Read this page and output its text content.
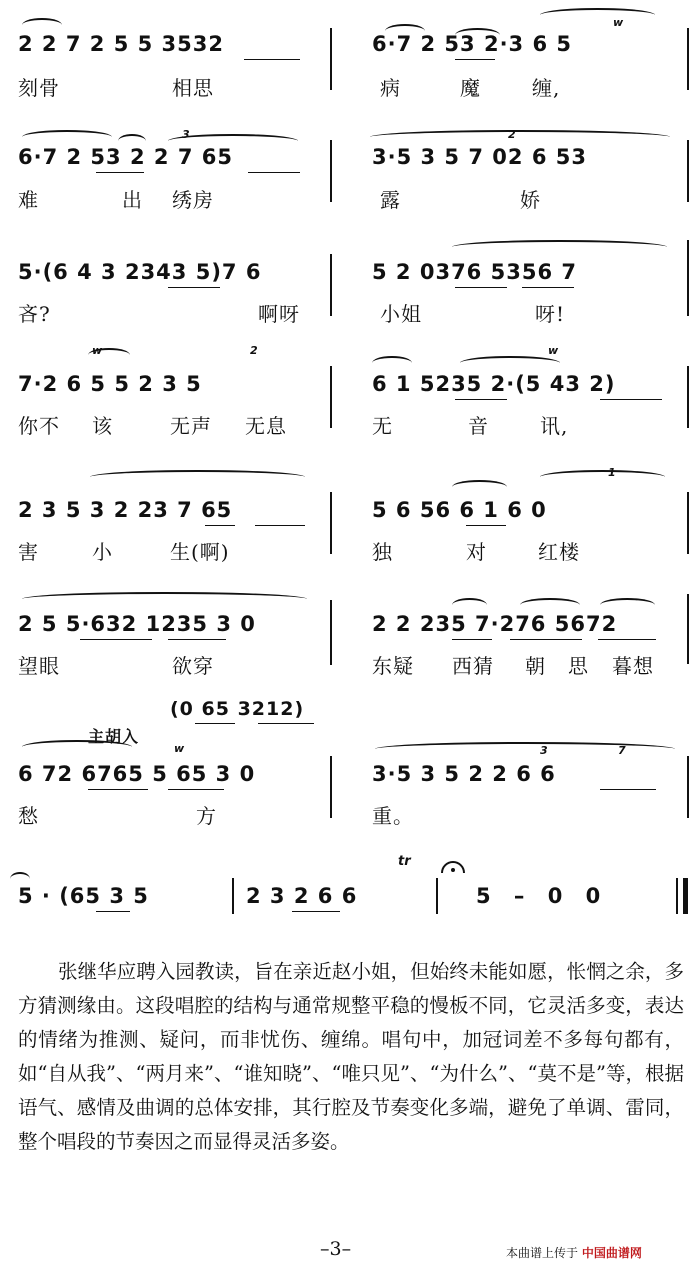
w
2 2 7 2 5 5 3532	6·7 2 53 2·3 6 5
刻骨	相思	病	魔	缠,
3	2
6·7 2 53 2 2 7 65	3·5 3 5 7 02 6 53
难	出 绣房	露	娇
5·(6 4 3 2343 5)7 6	5 2 0376 5356 7
吝?	啊呀	小姐	呀!
w	2	w
7·2 6 5 5 2 3 5	6 1 5235 2·(5 43 2)
你不 该	无声 无息	无	音	讯,
1
2 3 5 3 2 23 7 65	5 6 56 6 1 6 0
害	小	生(啊)	独	对	红楼
2 5 5·632 1235 3 0	2 2 235 7·276 5672
望眼	欲穿	东疑 西猜 朝 思 暮想
(0 65 3212)
主胡入
w	3	7
6 72 6765 5 65 3 0	3·5 3 5 2 2 6 6
愁	方	重。
tr
5 · (65 3 5	2 3 2 6 6	5 – 0 0

张继华应聘入园教读，旨在亲近赵小姐，但始终未能如愿，怅惘之余，多方猜测缘由。这段唱腔的结构与通常规整平稳的慢板不同，它灵活多变，表达的情绪为推测、疑问，而非忧伤、缠绵。唱句中，加冠词差不多每句都有，如“自从我”、“两月来”、“谁知晓”、“唯只见”、“为什么”、“莫不是”等，根据语气、感情及曲调的总体安排，其行腔及节奏变化多端，避免了单调、雷同，整个唱段的节奏因之而显得灵活多姿。

–3–	本曲谱上传于 中国曲谱网
